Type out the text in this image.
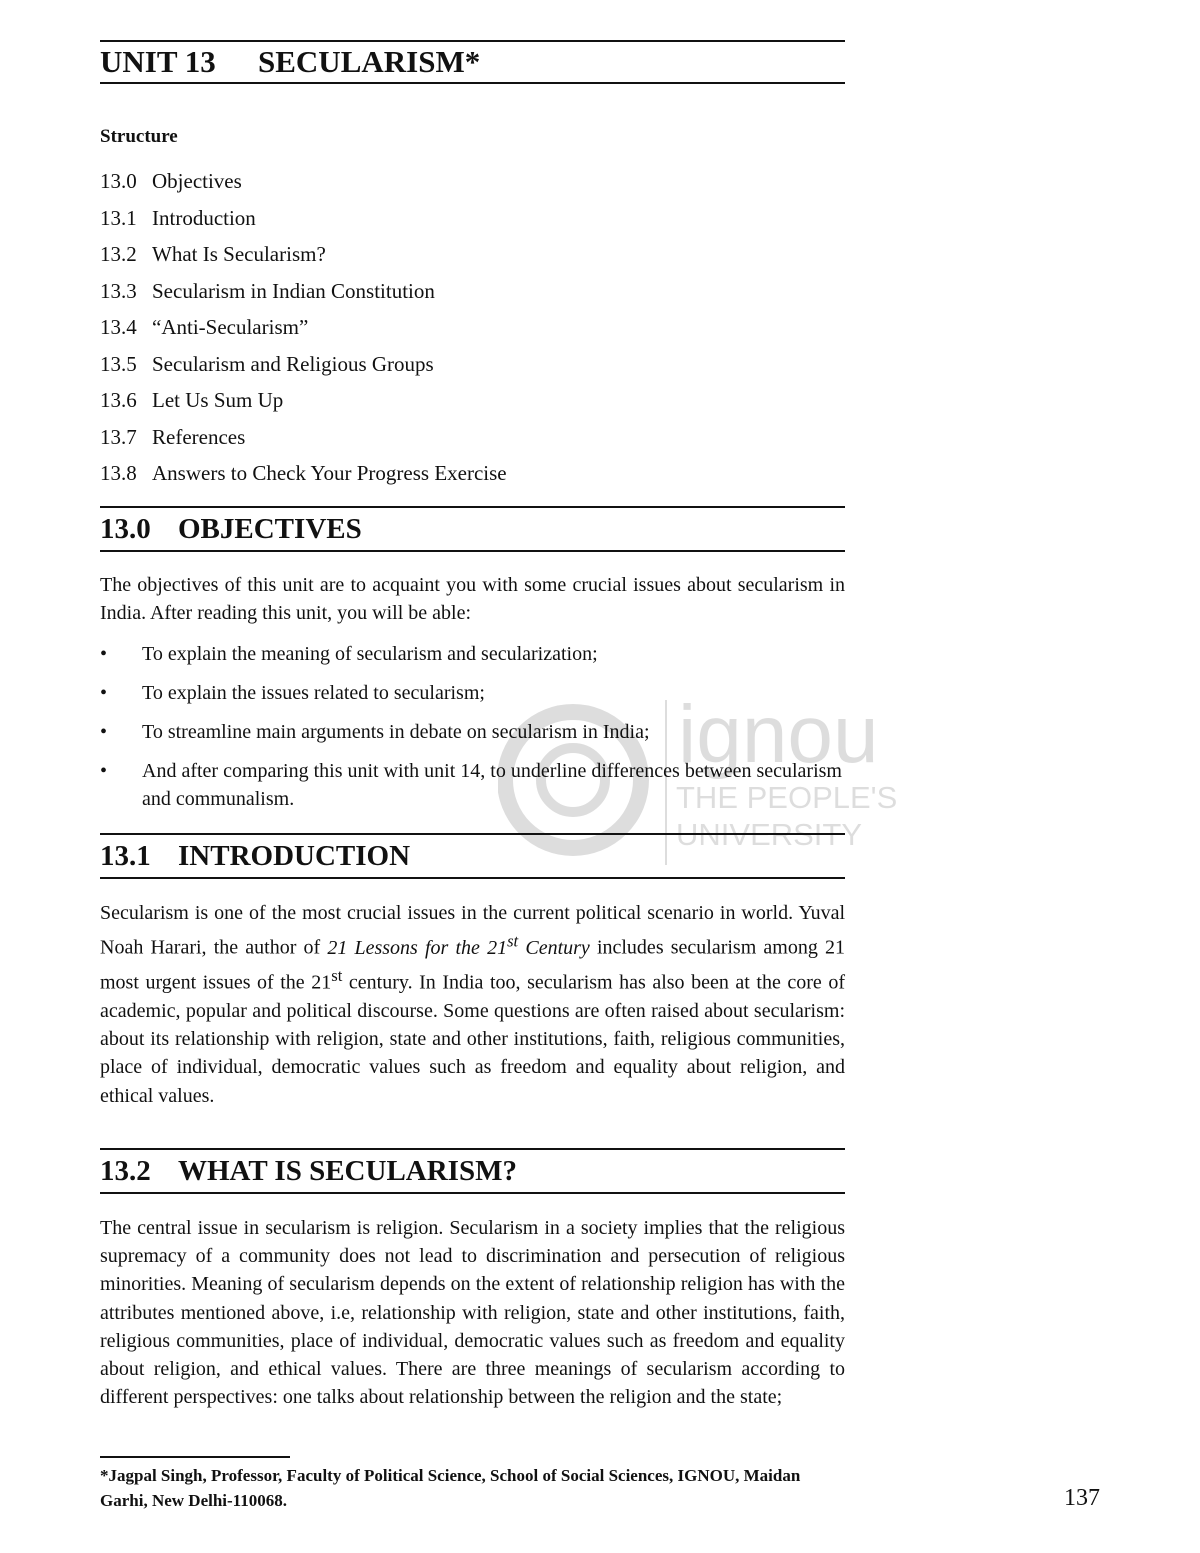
UNIT 13 SECULARISM*
Structure
13.0 Objectives
13.1 Introduction
13.2 What Is Secularism?
13.3 Secularism in Indian Constitution
13.4 “Anti-Secularism”
13.5 Secularism and Religious Groups
13.6 Let Us Sum Up
13.7 References
13.8 Answers to Check Your Progress Exercise
13.0 OBJECTIVES

The objectives of this unit are to acquaint you with some crucial issues about secularism in India. After reading this unit, you will be able:

• To explain the meaning of secularism and secularization;
• To explain the issues related to secularism;
• To streamline main arguments in debate on secularism in India;
• And after comparing this unit with unit 14, to underline differences between secularism and communalism.
ignou
THE PEOPLE'S
UNIVERSITY
13.1 INTRODUCTION

Secularism is one of the most crucial issues in the current political scenario in world. Yuval Noah Harari, the author of 21 Lessons for the 21st Century includes secularism among 21 most urgent issues of the 21st century. In India too, secularism has also been at the core of academic, popular and political discourse. Some questions are often raised about secularism: about its relationship with religion, state and other institutions, faith, religious communities, place of individual, democratic values such as freedom and equality about religion, and ethical values.

13.2 WHAT IS SECULARISM?

The central issue in secularism is religion. Secularism in a society implies that the religious supremacy of a community does not lead to discrimination and persecution of religious minorities. Meaning of secularism depends on the extent of relationship religion has with the attributes mentioned above, i.e, relationship with religion, state and other institutions, faith, religious communities, place of individual, democratic values such as freedom and equality about religion, and ethical values. There are three meanings of secularism according to different perspectives: one talks about relationship between the religion and the state;

*Jagpal Singh, Professor, Faculty of Political Science, School of Social Sciences, IGNOU, Maidan Garhi, New Delhi-110068.	137
